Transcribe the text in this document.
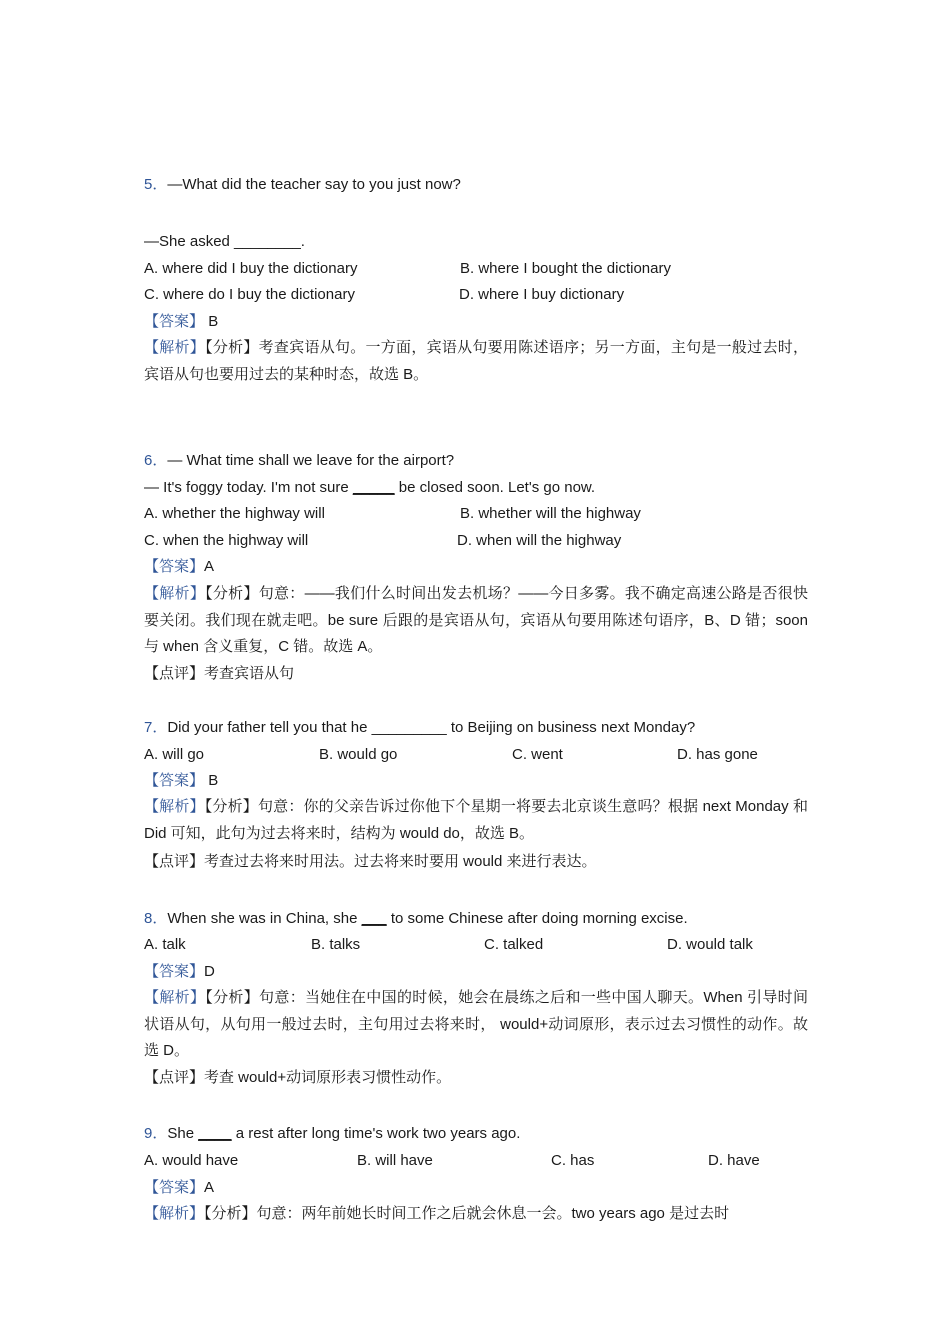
5．—What did the teacher say to you just now?
—She asked ________.
A. where did I buy the dictionary	B. where I bought the dictionary
C. where do I buy the dictionary	D. where I buy dictionary
【答案】 B
【解析】【分析】考查宾语从句。一方面，宾语从句要用陈述语序；另一方面，主句是一般过去时，宾语从句也要用过去的某种时态，故选 B。
6．— What time shall we leave for the airport?
— It's foggy today. I'm not sure _____ be closed soon. Let's go now.
A. whether the highway will	B. whether will the highway
C. when the highway will	D. when will the highway
【答案】A
【解析】【分析】句意：——我们什么时间出发去机场？——今日多雾。我不确定高速公路是否很快要关闭。我们现在就走吧。be sure 后跟的是宾语从句，宾语从句要用陈述句语序，B、D 错；soon 与 when 含义重复，C 错。故选 A。
【点评】考查宾语从句
7．Did your father tell you that he _________ to Beijing on business next Monday?
A. will go	B. would go	C. went	D. has gone
【答案】 B
【解析】【分析】句意：你的父亲告诉过你他下个星期一将要去北京谈生意吗？根据 next Monday 和 Did 可知，此句为过去将来时，结构为 would do，故选 B。
【点评】考查过去将来时用法。过去将来时要用 would 来进行表达。
8．When she was in China, she ___ to some Chinese after doing morning excise.
A. talk	B. talks	C. talked	D. would talk
【答案】D
【解析】【分析】句意：当她住在中国的时候，她会在晨练之后和一些中国人聊天。When 引导时间状语从句，从句用一般过去时，主句用过去将来时， would+动词原形，表示过去习惯性的动作。故选 D。
【点评】考查 would+动词原形表习惯性动作。
9．She ____ a rest after long time's work two years ago.
A. would have	B. will have	C. has	D. have
【答案】A
【解析】【分析】句意：两年前她长时间工作之后就会休息一会。two years ago 是过去时
